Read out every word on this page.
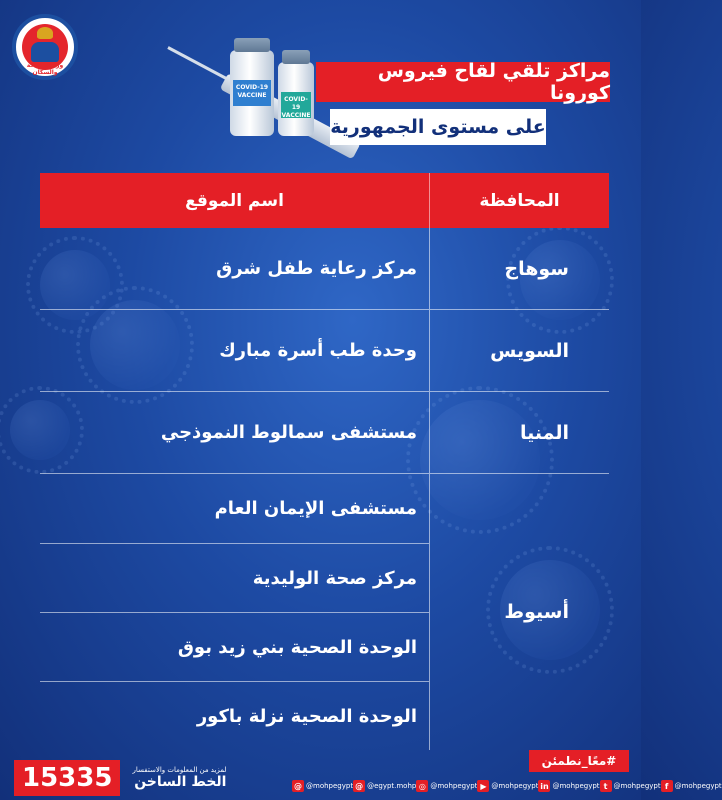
وزارة الصحة والسكان
COVID-19 VACCINE
COVID-19 VACCINE
مراكز تلقي لقاح فيروس كورونا
على مستوى الجمهورية
المحافظة
اسم الموقع
سوهاج
مركز رعاية طفل شرق
السويس
وحدة طب أسرة مبارك
المنيا
مستشفى سمالوط النموذجي
أسيوط
مستشفى الإيمان العام
مركز صحة الوليدية
الوحدة الصحية بني زيد بوق
الوحدة الصحية نزلة باكور
15335	لمزيد من المعلومات والاستفسار
الخط الساخن
#معًا_نطمئن
@ @mohpegypt @ @egypt.mohp ◎ @mohpegypt ▶ @mohpegypt in @mohpegypt t @mohpegypt f @mohpegypt
